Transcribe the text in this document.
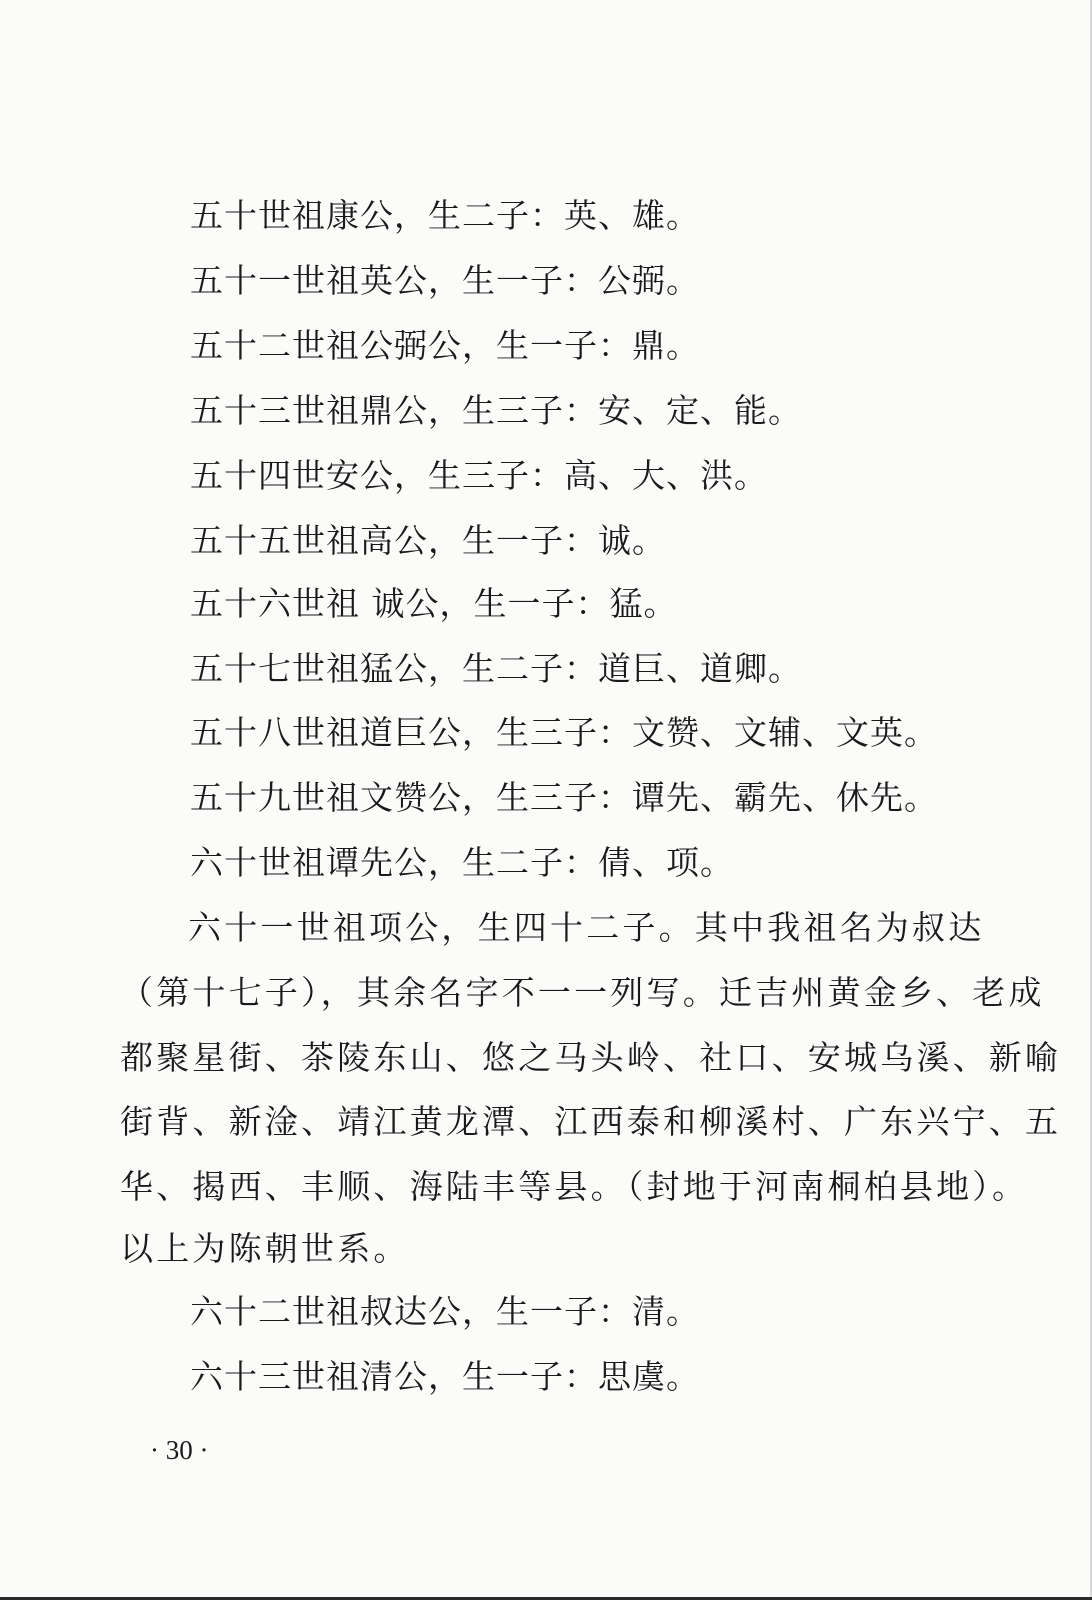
五十世祖康公，生二子：英、雄。
五十一世祖英公，生一子：公弼。
五十二世祖公弼公，生一子：鼎。
五十三世祖鼎公，生三子：安、定、能。
五十四世安公，生三子：高、大、洪。
五十五世祖高公，生一子：诚。
五十六世祖 诚公，生一子：猛。
五十七世祖猛公，生二子：道巨、道卿。
五十八世祖道巨公，生三子：文赞、文辅、文英。
五十九世祖文赞公，生三子：谭先、霸先、休先。
六十世祖谭先公，生二子：倩、项。
六十一世祖项公，生四十二子。其中我祖名为叔达
（第十七子），其余名字不一一列写。迁吉州黄金乡、老成
都聚星街、茶陵东山、悠之马头岭、社口、安城乌溪、新喻
街背、新淦、靖江黄龙潭、江西泰和柳溪村、广东兴宁、五
华、揭西、丰顺、海陆丰等县。（封地于河南桐柏县地）。
以上为陈朝世系。
六十二世祖叔达公，生一子：清。
六十三世祖清公，生一子：思虞。
· 30 ·
